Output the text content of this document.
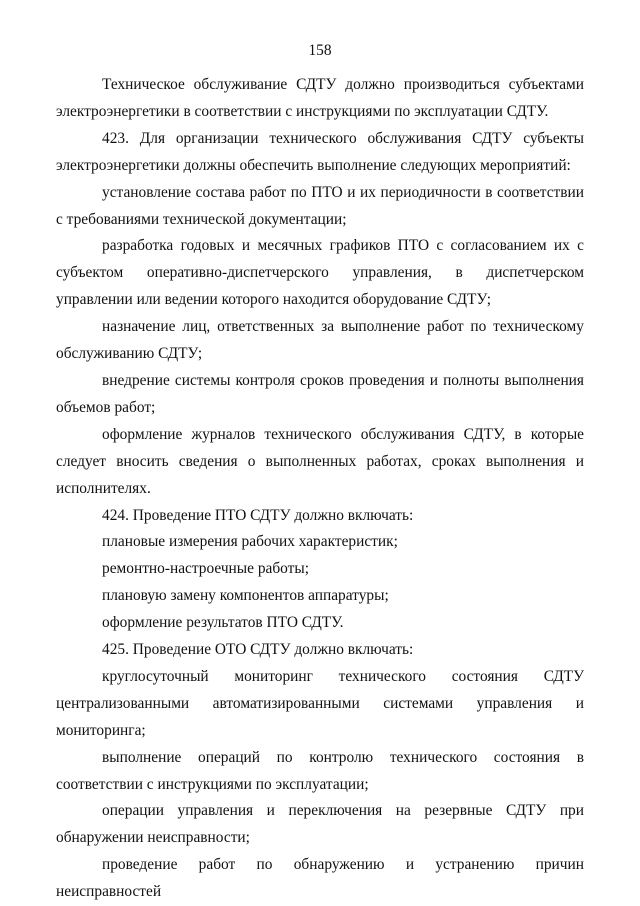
158

Техническое обслуживание СДТУ должно производиться субъектами электроэнергетики в соответствии с инструкциями по эксплуатации СДТУ.

423. Для организации технического обслуживания СДТУ субъекты электроэнергетики должны обеспечить выполнение следующих мероприятий:

установление состава работ по ПТО и их периодичности в соответствии с требованиями технической документации;

разработка годовых и месячных графиков ПТО с согласованием их с субъектом оперативно-диспетчерского управления, в диспетчерском управлении или ведении которого находится оборудование СДТУ;

назначение лиц, ответственных за выполнение работ по техническому обслуживанию СДТУ;

внедрение системы контроля сроков проведения и полноты выполнения объемов работ;

оформление журналов технического обслуживания СДТУ, в которые следует вносить сведения о выполненных работах, сроках выполнения и исполнителях.

424. Проведение ПТО СДТУ должно включать:

плановые измерения рабочих характеристик;

ремонтно-настроечные работы;

плановую замену компонентов аппаратуры;

оформление результатов ПТО СДТУ.

425. Проведение ОТО СДТУ должно включать:

круглосуточный мониторинг технического состояния СДТУ централизованными автоматизированными системами управления и мониторинга;

выполнение операций по контролю технического состояния в соответствии с инструкциями по эксплуатации;

операции управления и переключения на резервные СДТУ при обнаружении неисправности;

проведение работ по обнаружению и устранению причин неисправностей
